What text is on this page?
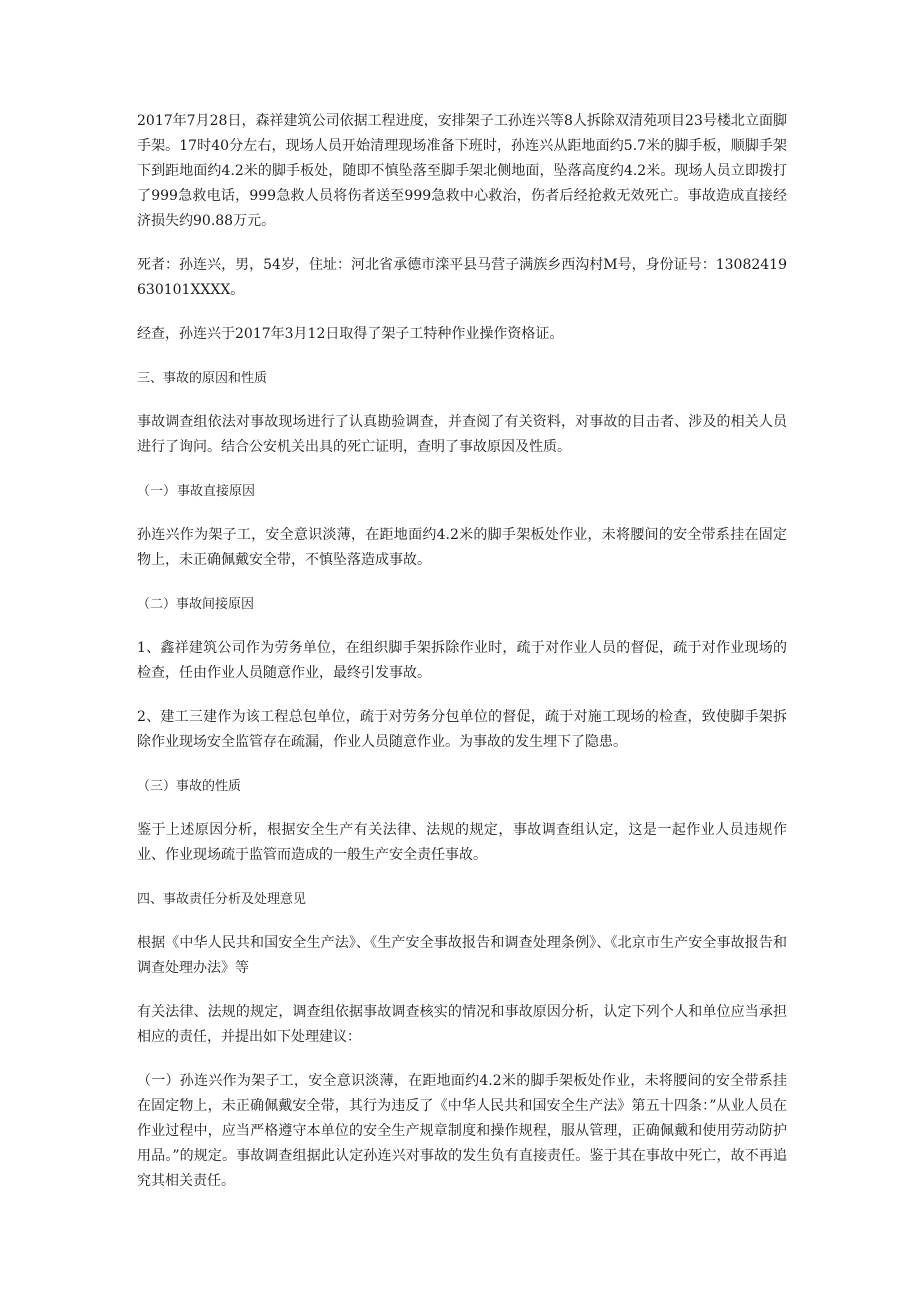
2017年7月28日，森祥建筑公司依据工程进度，安排架子工孙连兴等8人拆除双清苑项目23号楼北立面脚手架。17时40分左右，现场人员开始清理现场准备下班时，孙连兴从距地面约5.7米的脚手板，顺脚手架下到距地面约4.2米的脚手板处，随即不慎坠落至脚手架北侧地面，坠落高度约4.2米。现场人员立即拨打了999急救电话，999急救人员将伤者送至999急救中心救治，伤者后经抢救无效死亡。事故造成直接经济损失约90.88万元。

死者：孙连兴，男，54岁，住址：河北省承德市滦平县马营子满族乡西沟村M号，身份证号：13082419630101XXXX。

经查，孙连兴于2017年3月12日取得了架子工特种作业操作资格证。

三、事故的原因和性质

事故调查组依法对事故现场进行了认真勘验调查，并查阅了有关资料，对事故的目击者、涉及的相关人员进行了询问。结合公安机关出具的死亡证明，查明了事故原因及性质。

（一）事故直接原因

孙连兴作为架子工，安全意识淡薄，在距地面约4.2米的脚手架板处作业，未将腰间的安全带系挂在固定物上，未正确佩戴安全带，不慎坠落造成事故。

（二）事故间接原因

1、鑫祥建筑公司作为劳务单位，在组织脚手架拆除作业时，疏于对作业人员的督促，疏于对作业现场的检查，任由作业人员随意作业，最终引发事故。

2、建工三建作为该工程总包单位，疏于对劳务分包单位的督促，疏于对施工现场的检查，致使脚手架拆除作业现场安全监管存在疏漏，作业人员随意作业。为事故的发生埋下了隐患。

（三）事故的性质

鉴于上述原因分析，根据安全生产有关法律、法规的规定，事故调查组认定，这是一起作业人员违规作业、作业现场疏于监管而造成的一般生产安全责任事故。

四、事故责任分析及处理意见

根据《中华人民共和国安全生产法》、《生产安全事故报告和调查处理条例》、《北京市生产安全事故报告和调查处理办法》等

有关法律、法规的规定，调查组依据事故调查核实的情况和事故原因分析，认定下列个人和单位应当承担相应的责任，并提出如下处理建议：

（一）孙连兴作为架子工，安全意识淡薄，在距地面约4.2米的脚手架板处作业，未将腰间的安全带系挂在固定物上，未正确佩戴安全带，其行为违反了《中华人民共和国安全生产法》第五十四条：”从业人员在作业过程中，应当严格遵守本单位的安全生产规章制度和操作规程，服从管理，正确佩戴和使用劳动防护用品。”的规定。事故调查组据此认定孙连兴对事故的发生负有直接责任。鉴于其在事故中死亡，故不再追究其相关责任。
